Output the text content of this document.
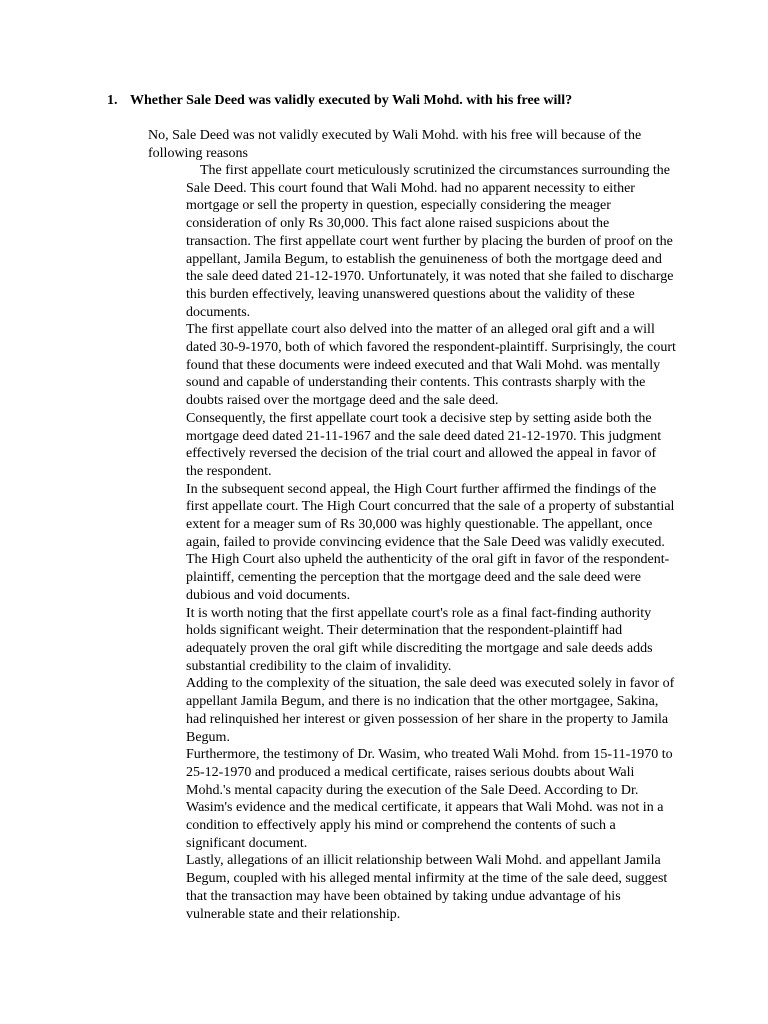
1. Whether Sale Deed was validly executed by Wali Mohd. with his free will?
No, Sale Deed was not validly executed by Wali Mohd. with his free will because of the following reasons

The first appellate court meticulously scrutinized the circumstances surrounding the Sale Deed. This court found that Wali Mohd. had no apparent necessity to either mortgage or sell the property in question, especially considering the meager consideration of only Rs 30,000. This fact alone raised suspicions about the transaction. The first appellate court went further by placing the burden of proof on the appellant, Jamila Begum, to establish the genuineness of both the mortgage deed and the sale deed dated 21-12-1970. Unfortunately, it was noted that she failed to discharge this burden effectively, leaving unanswered questions about the validity of these documents.

The first appellate court also delved into the matter of an alleged oral gift and a will dated 30-9-1970, both of which favored the respondent-plaintiff. Surprisingly, the court found that these documents were indeed executed and that Wali Mohd. was mentally sound and capable of understanding their contents. This contrasts sharply with the doubts raised over the mortgage deed and the sale deed.

Consequently, the first appellate court took a decisive step by setting aside both the mortgage deed dated 21-11-1967 and the sale deed dated 21-12-1970. This judgment effectively reversed the decision of the trial court and allowed the appeal in favor of the respondent.

In the subsequent second appeal, the High Court further affirmed the findings of the first appellate court. The High Court concurred that the sale of a property of substantial extent for a meager sum of Rs 30,000 was highly questionable. The appellant, once again, failed to provide convincing evidence that the Sale Deed was validly executed. The High Court also upheld the authenticity of the oral gift in favor of the respondent-plaintiff, cementing the perception that the mortgage deed and the sale deed were dubious and void documents.

It is worth noting that the first appellate court's role as a final fact-finding authority holds significant weight. Their determination that the respondent-plaintiff had adequately proven the oral gift while discrediting the mortgage and sale deeds adds substantial credibility to the claim of invalidity.

Adding to the complexity of the situation, the sale deed was executed solely in favor of appellant Jamila Begum, and there is no indication that the other mortgagee, Sakina, had relinquished her interest or given possession of her share in the property to Jamila Begum.

Furthermore, the testimony of Dr. Wasim, who treated Wali Mohd. from 15-11-1970 to 25-12-1970 and produced a medical certificate, raises serious doubts about Wali Mohd.'s mental capacity during the execution of the Sale Deed. According to Dr. Wasim's evidence and the medical certificate, it appears that Wali Mohd. was not in a condition to effectively apply his mind or comprehend the contents of such a significant document.

Lastly, allegations of an illicit relationship between Wali Mohd. and appellant Jamila Begum, coupled with his alleged mental infirmity at the time of the sale deed, suggest that the transaction may have been obtained by taking undue advantage of his vulnerable state and their relationship.
